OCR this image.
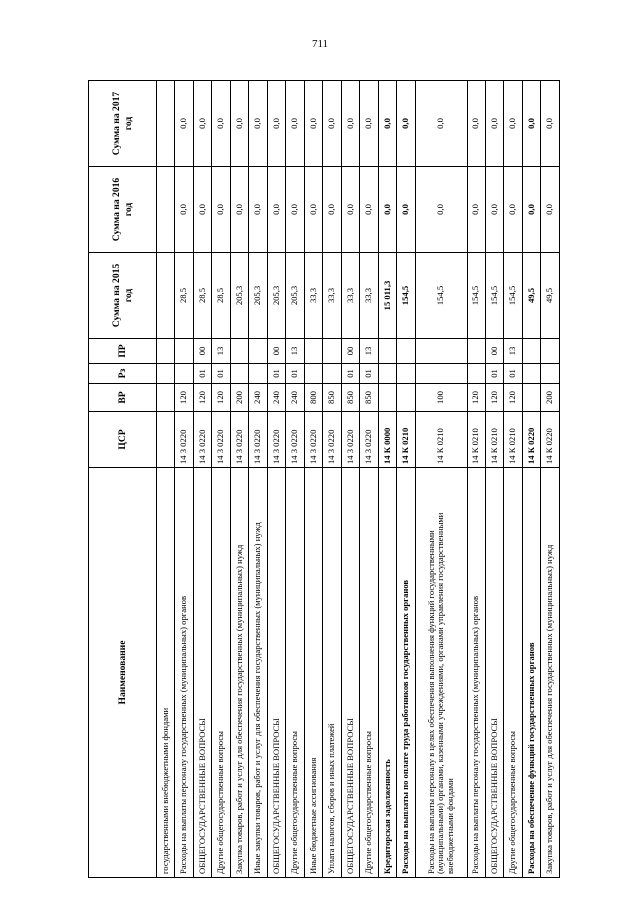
711
Наименование	ЦСР	ВР	Рз	ПР	Сумма на 2015 год	Сумма на 2016 год	Сумма на 2017 год
государственными внебюджетными фондами							
Расходы на выплаты персоналу государственных (муниципальных) органов	14 3 0220	120			28,5	0,0	0,0
ОБЩЕГОСУДАРСТВЕННЫЕ ВОПРОСЫ	14 3 0220	120	01	00	28,5	0,0	0,0
Другие общегосударственные вопросы	14 3 0220	120	01	13	28,5	0,0	0,0
Закупка товаров, работ и услуг для обеспечения государственных (муниципальных) нужд	14 3 0220	200			205,3	0,0	0,0
Иные закупки товаров, работ и услуг для обеспечения государственных (муниципальных) нужд	14 3 0220	240			205,3	0,0	0,0
ОБЩЕГОСУДАРСТВЕННЫЕ ВОПРОСЫ	14 3 0220	240	01	00	205,3	0,0	0,0
Другие общегосударственные вопросы	14 3 0220	240	01	13	205,3	0,0	0,0
Иные бюджетные ассигнования	14 3 0220	800			33,3	0,0	0,0
Уплата налогов, сборов и иных платежей	14 3 0220	850			33,3	0,0	0,0
ОБЩЕГОСУДАРСТВЕННЫЕ ВОПРОСЫ	14 3 0220	850	01	00	33,3	0,0	0,0
Другие общегосударственные вопросы	14 3 0220	850	01	13	33,3	0,0	0,0
Кредиторская задолженность	14 К 0000				15 011,3	0,0	0,0
Расходы на выплаты по оплате труда работников государственных органов	14 К 0210				154,5	0,0	0,0
Расходы на выплаты персоналу в целях обеспечения выполнения функций государственными (муниципальными) органами, казенными учреждениями, органами управления государственными внебюджетными фондами	14 К 0210	100			154,5	0,0	0,0
Расходы на выплаты персоналу государственных (муниципальных) органов	14 К 0210	120			154,5	0,0	0,0
ОБЩЕГОСУДАРСТВЕННЫЕ ВОПРОСЫ	14 К 0210	120	01	00	154,5	0,0	0,0
Другие общегосударственные вопросы	14 К 0210	120	01	13	154,5	0,0	0,0
Расходы на обеспечение функций государственных органов	14 К 0220				49,5	0,0	0,0
Закупка товаров, работ и услуг для обеспечения государственных (муниципальных) нужд	14 К 0220	200			49,5	0,0	0,0
